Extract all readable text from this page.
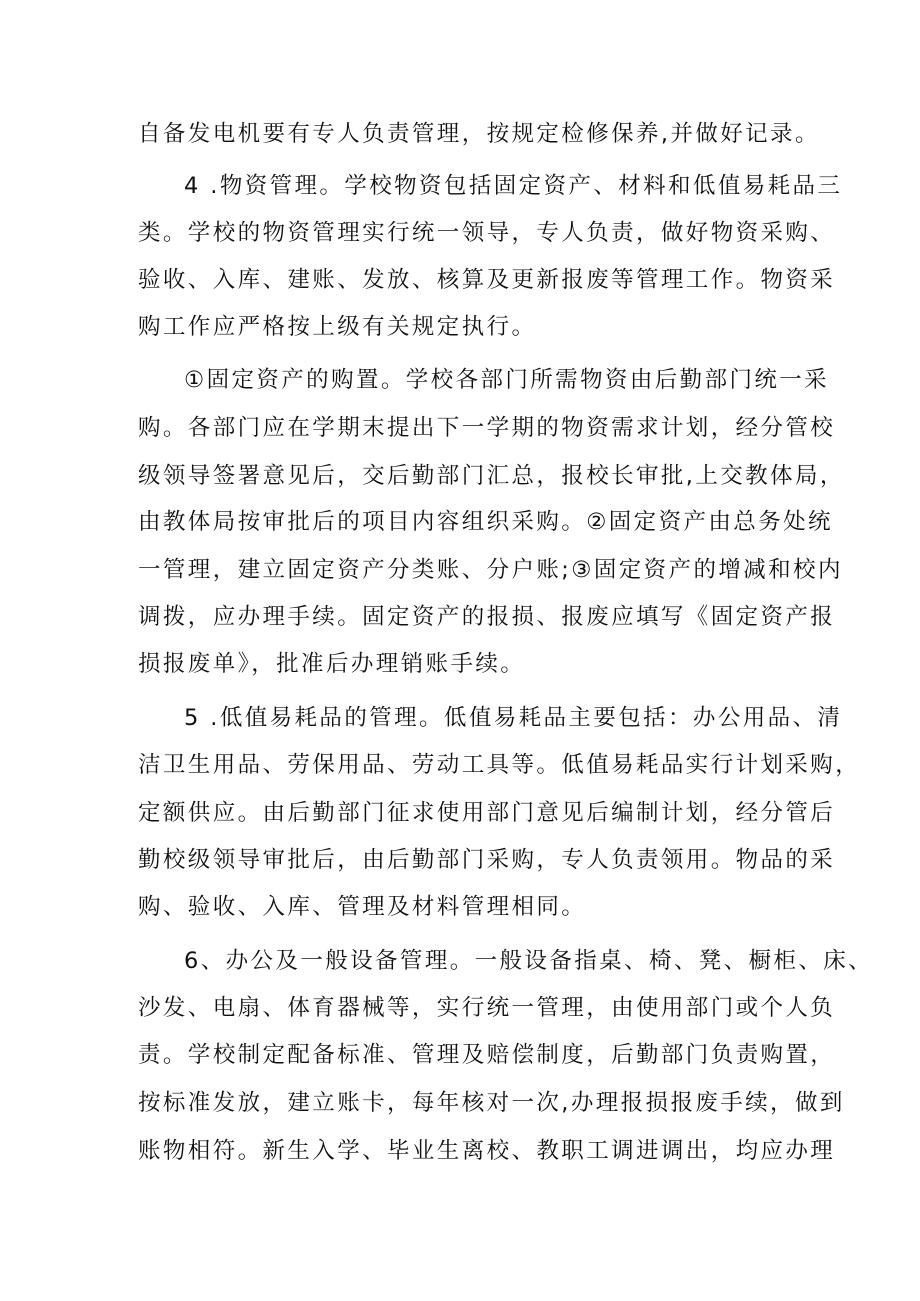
自备发电机要有专人负责管理，按规定检修保养,并做好记录。
4 .物资管理。学校物资包括固定资产、材料和低值易耗品三
类。学校的物资管理实行统一领导，专人负责，做好物资采购、
验收、入库、建账、发放、核算及更新报废等管理工作。物资采
购工作应严格按上级有关规定执行。
①固定资产的购置。学校各部门所需物资由后勤部门统一采
购。各部门应在学期末提出下一学期的物资需求计划，经分管校
级领导签署意见后，交后勤部门汇总，报校长审批,上交教体局，
由教体局按审批后的项目内容组织采购。②固定资产由总务处统
一管理，建立固定资产分类账、分户账;③固定资产的增减和校内
调拨，应办理手续。固定资产的报损、报废应填写《固定资产报
损报废单》，批准后办理销账手续。
5 .低值易耗品的管理。低值易耗品主要包括：办公用品、清
洁卫生用品、劳保用品、劳动工具等。低值易耗品实行计划采购，
定额供应。由后勤部门征求使用部门意见后编制计划，经分管后
勤校级领导审批后，由后勤部门采购，专人负责领用。物品的采
购、验收、入库、管理及材料管理相同。
6、办公及一般设备管理。一般设备指桌、椅、凳、橱柜、床、
沙发、电扇、体育器械等，实行统一管理，由使用部门或个人负
责。学校制定配备标准、管理及赔偿制度，后勤部门负责购置，
按标准发放，建立账卡，每年核对一次,办理报损报废手续，做到
账物相符。新生入学、毕业生离校、教职工调进调出，均应办理
